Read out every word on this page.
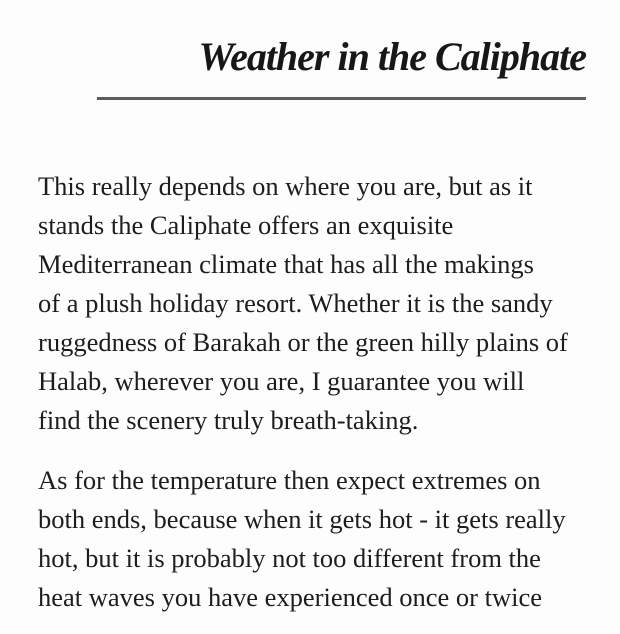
Weather in the Caliphate
This really depends on where you are, but as it
stands the Caliphate offers an exquisite
Mediterranean climate that has all the makings
of a plush holiday resort. Whether it is the sandy
ruggedness of Barakah or the green hilly plains of
Halab, wherever you are, I guarantee you will
find the scenery truly breath-taking.
As for the temperature then expect extremes on
both ends, because when it gets hot - it gets really
hot, but it is probably not too different from the
heat waves you have experienced once or twice
